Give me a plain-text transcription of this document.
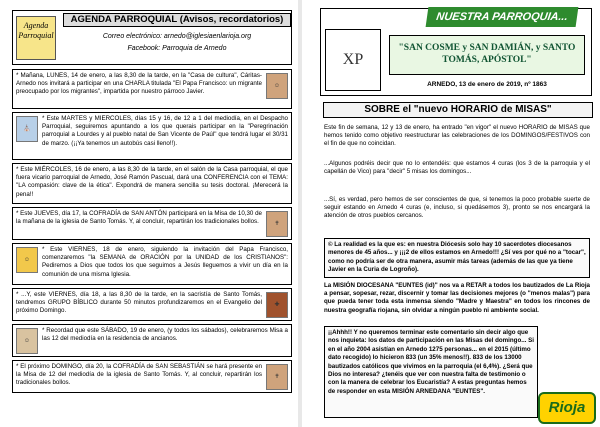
Agenda Parroquial
AGENDA PARROQUIAL (Avisos, recordatorios)
Correo electrónico: arnedo@iglesiaenlarioja.org
Facebook: Parroquia de Arnedo
☺
* Mañana, LUNES, 14 de enero, a las 8,30 de la tarde, en la "Casa de cultura", Cáritas-Arnedo nos invitará a participar en una CHARLA titulada "El Papa Francisco: un migrante preocupado por los migrantes", impartida por nuestro párroco Javier.
⛪
* Este MARTES y MIERCOLES, días 15 y 16, de 12 a 1 del mediodía, en el Despacho Parroquial, seguiremos apuntando a los que querais participar en la "Peregrinación parroquial a Lourdes y al pueblo natal de San Vicente de Paúl" que tendrá lugar el 30/31 de marzo. (¡¡Ya tenemos un autobús casi lleno!!).
* Este MIÉRCOLES, 16 de enero, a las 8,30 de la tarde, en el salón de la Casa parroquial, el que fuera vicario parroquial de Arnedo, José Ramón Pascual, dará una CONFERENCIA con el TEMA: "LA compasión: clave de la ética". Expondrá de manera sencilla su tesis doctoral. ¡Merecerá la pena!!
✝
* Este JUEVES, día 17, la COFRADÍA de SAN ANTÓN participará en la Misa de 10,30 de la mañana de la iglesia de Santo Tomás. Y, al concluir, repartirán los tradicionales bollos.
☺
* Este VIERNES, 18 de enero, siguiendo la invitación del Papa Francisco, comenzaremos "la SEMANA de ORACIÓN por la UNIDAD de los CRISTIANOS": Pediremos a Dios que todos los que seguimos a Jesús lleguemos a vivir un día en la comunión de una misma Iglesia.
✚
* ...Y, este VIERNES, día 18, a las 8,30 de la tarde, en la sacristía de Santo Tomás, tendremos GRUPO BÍBLICO durante 50 minutos profundizaremos en el Evangelio del próximo Domingo.
☺
* Recordad que este SÁBADO, 19 de enero, (y todos los sábados), celebraremos Misa a las 12 del mediodía en la residencia de ancianos.
✝
* El próximo DOMINGO, día 20, la COFRADÍA de SAN SEBASTIÁN se hará presente en la Misa de 12 del mediodía de la iglesia de Santo Tomás. Y, al concluir, repartirán los tradicionales bollos.
XP
NUESTRA PARROQUIA...
"SAN COSME y SAN DAMIÁN, y SANTO TOMÁS, APÓSTOL"
ARNEDO, 13 de enero de 2019, nº 1863
SOBRE el "nuevo HORARIO de MISAS"
Este fin de semana, 12 y 13 de enero, ha entrado "en vigor" el nuevo HORARIO de MISAS que hemos tenido como objetivo reestructurar las celebraciones de los DOMINGOS/FESTIVOS con el fin de que no coincidan.
...Algunos podréis decir que no lo entendéis: que estamos 4 curas (los 3 de la parroquia y el capellán de Vico) para "decir" 5 misas los domingos...
...Sí, es verdad, pero hemos de ser conscientes de que, si tenemos la poco probable suerte de seguir estando en Arnedo 4 curas (e, incluso, si quedásemos 3), pronto se nos encargará la atención de otros pueblos cercanos.
© La realidad es la que es: en nuestra Diócesis solo hay 10 sacerdotes diocesanos menores de 45 años... y ¡¡¡2 de ellos estamos en Arnedo!!! ¿Sí ves por qué no a "tocar", como no podría ser de otra manera, asumir más tareas (además de las que ya tiene Javier en la Curia de Logroño).
La MISIÓN DIOCESANA "EUNTES (id)" nos va a RETAR a todos los bautizados de La Rioja a pensar, sopesar, rezar, discernir y tomar las decisiones mejores (o "menos malas") para que pueda tener toda esta inmensa siendo "Madre y Maestra" en todos los rincones de nuestra geografía riojana, sin olvidar a ningún pueblo ni ambiente social.
¡¡Ahhh!! Y no queremos terminar este comentario sin decir algo que nos inquieta: los datos de participación en las Misas del domingo... Si en el año 2004 asistían en Arnedo 1275 personas... en el 2015 (último dato recogido) lo hicieron 833 (un 35% menos!!). 833 de los 13000 bautizados católicos que vivimos en la parroquia (el 6,4%). ¿Será que Dios no interesa? ¿tenéis que ver con nuestra falta de testimonio o con la manera de celebrar los Eucaristía? A estas preguntas hemos de responder en esta MISIÓN ARNEDANA "EUNTES".
Rioja
